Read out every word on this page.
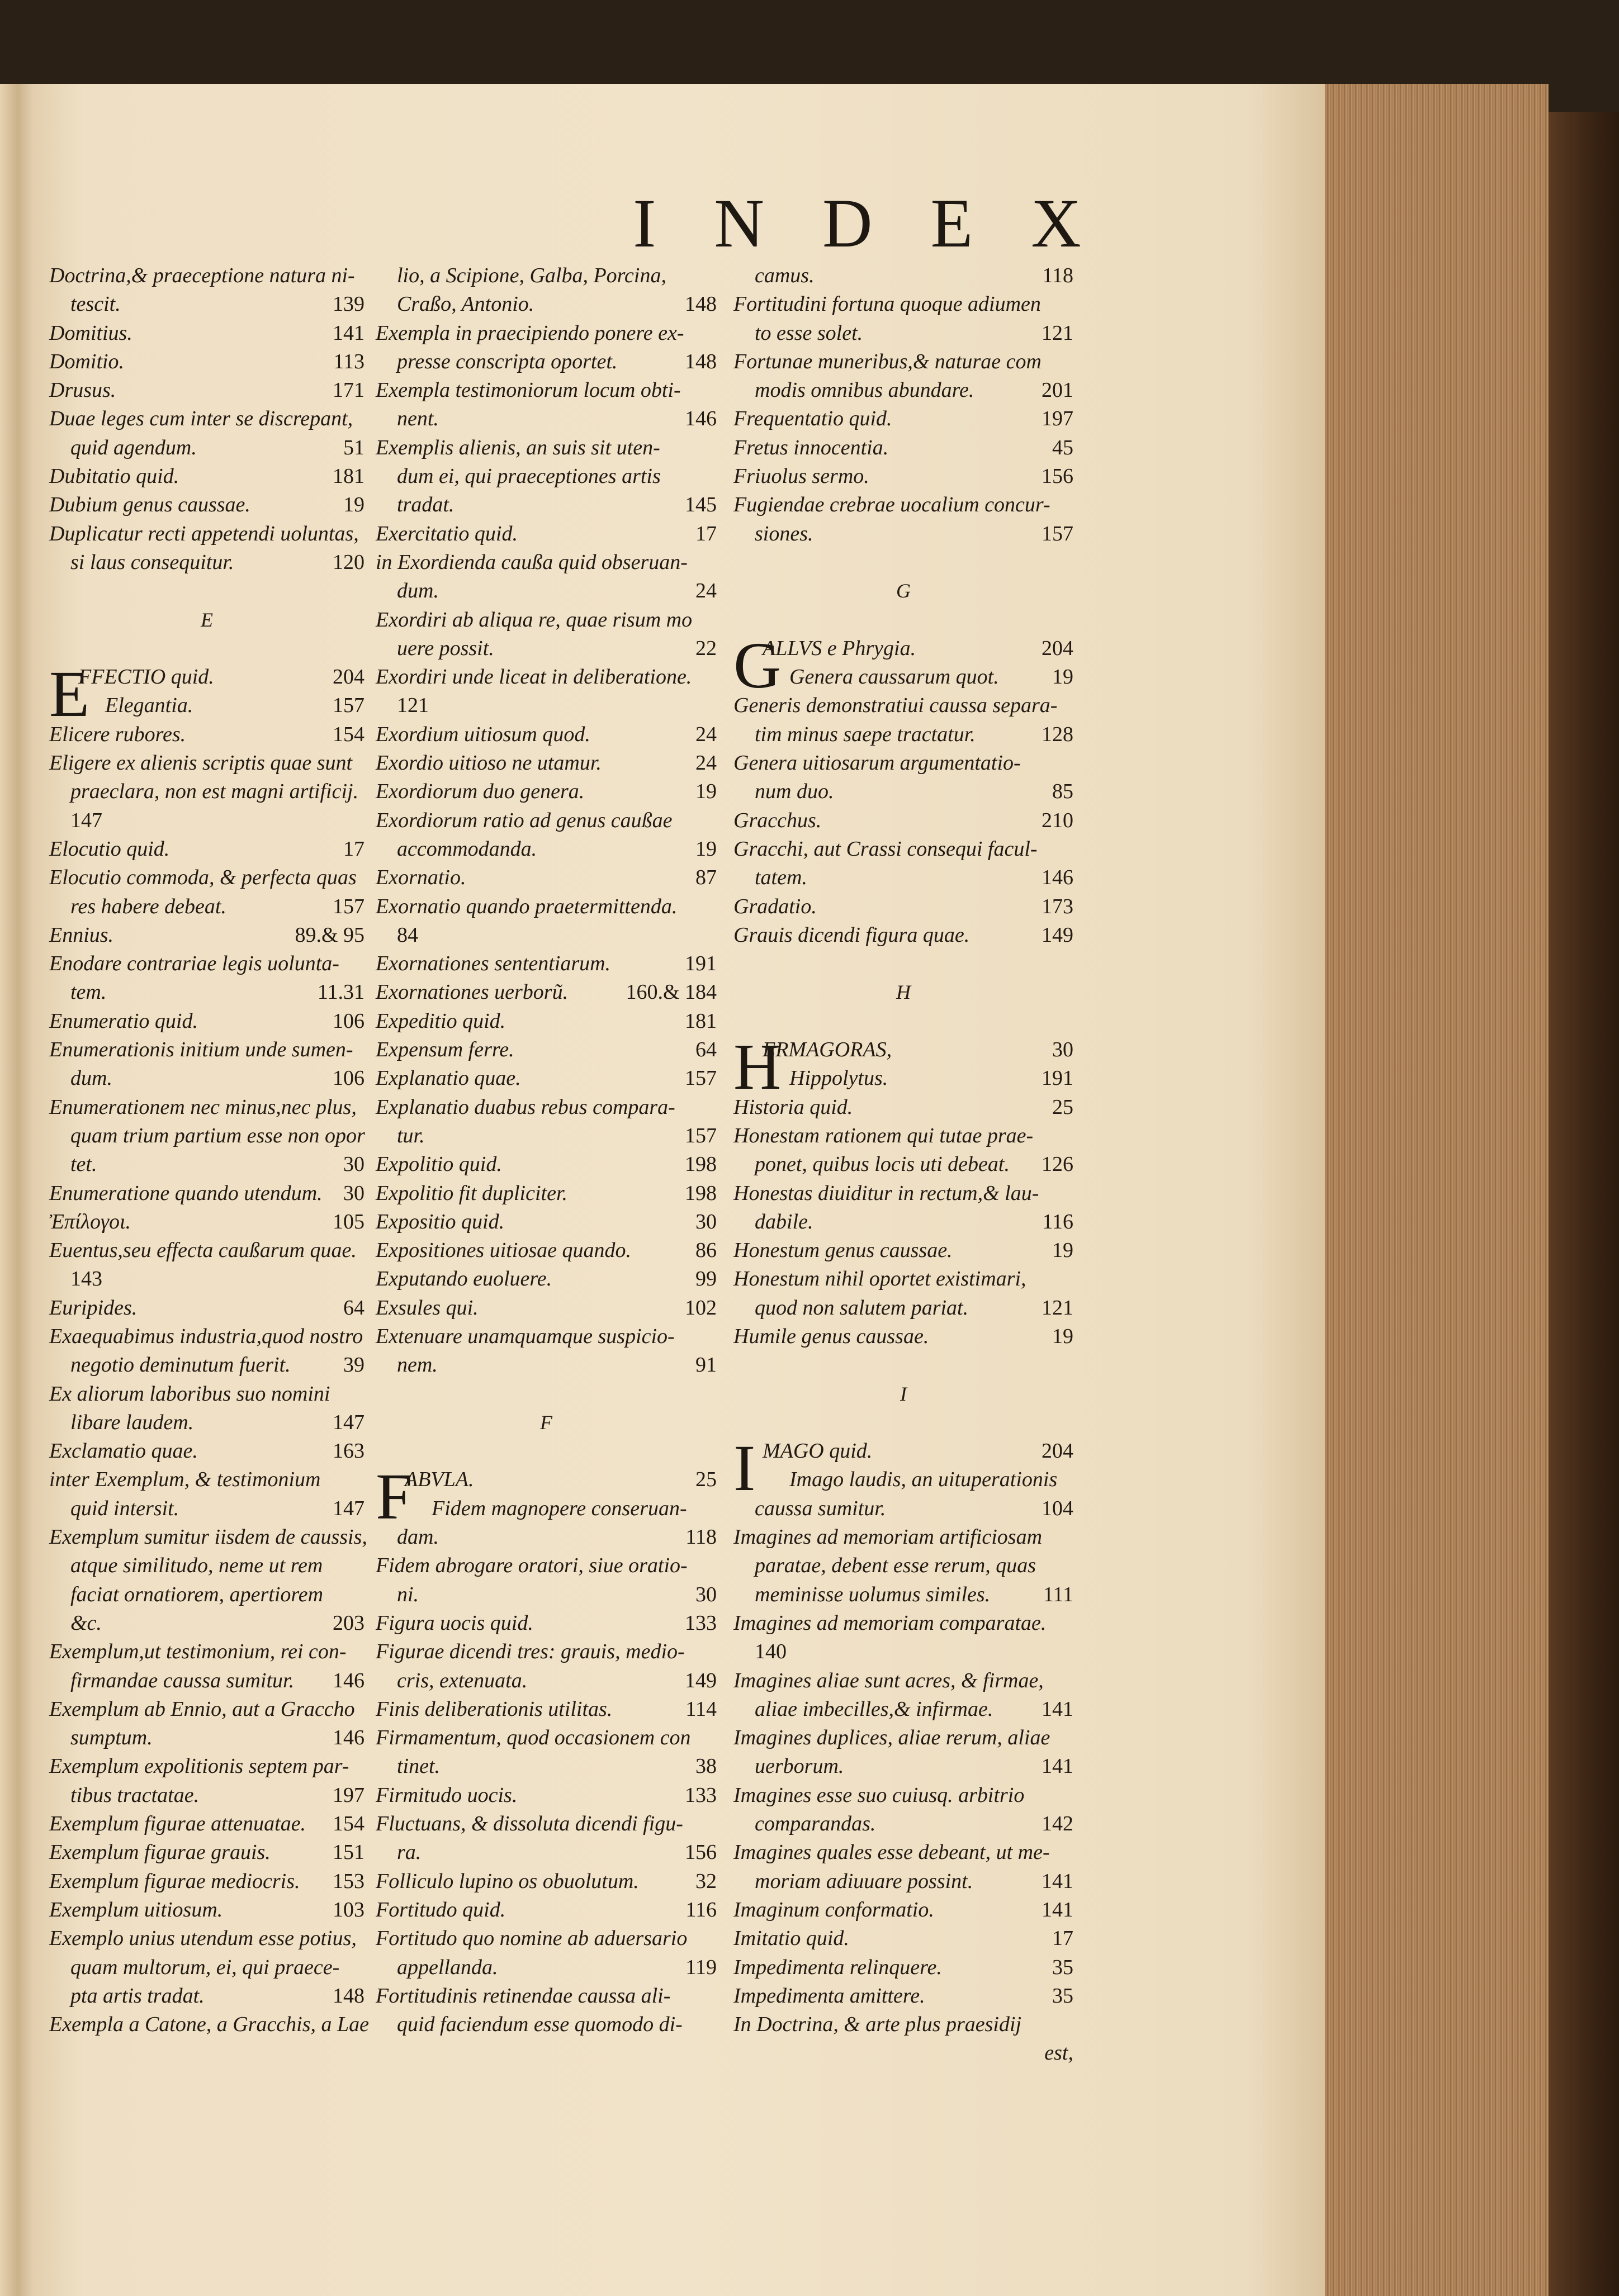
I N D E X
Doctrina,& praeceptione natura ni-
tescit.	139
Domitius.	141
Domitio.	113
Drusus.	171
Duae leges cum inter se discrepant,
quid agendum.	51
Dubitatio quid.	181
Dubium genus caussae.	19
Duplicatur recti appetendi uoluntas,
si laus consequitur.	120
E
E
FFECTIO quid.	204
Elegantia.	157
Elicere rubores.	154
Eligere ex alienis scriptis quae sunt
praeclara, non est magni artificij.
147
Elocutio quid.	17
Elocutio commoda, & perfecta quas
res habere debeat.	157
Ennius.	89.& 95
Enodare contrariae legis uolunta-
tem.	11.31
Enumeratio quid.	106
Enumerationis initium unde sumen-
dum.	106
Enumerationem nec minus,nec plus,
quam trium partium esse non opor
tet.	30
Enumeratione quando utendum. 30
Ἐπίλογοι.	105
Euentus,seu effecta caußarum quae.
143
Euripides.	64
Exaequabimus industria,quod nostro
negotio deminutum fuerit. 39
Ex aliorum laboribus suo nomini
libare laudem.	147
Exclamatio quae.	163
inter Exemplum, & testimonium
quid intersit.	147
Exemplum sumitur iisdem de caussis,
atque similitudo, neme ut rem
faciat ornatiorem, apertiorem
&c.	203
Exemplum,ut testimonium, rei con-
firmandae caussa sumitur. 146
Exemplum ab Ennio, aut a Graccho
sumptum.	146
Exemplum expolitionis septem par-
tibus tractatae.	197
Exemplum figurae attenuatae. 154
Exemplum figurae grauis.	151
Exemplum figurae mediocris. 153
Exemplum uitiosum.	103
Exemplo unius utendum esse potius,
quam multorum, ei, qui praece-
pta artis tradat.	148
Exempla a Catone, a Gracchis, a Lae
lio, a Scipione, Galba, Porcina,
Craßo, Antonio.	148
Exempla in praecipiendo ponere ex-
presse conscripta oportet.	148
Exempla testimoniorum locum obti-
nent.	146
Exemplis alienis, an suis sit uten-
dum ei, qui praeceptiones artis
tradat.	145
Exercitatio quid.	17
in Exordienda caußa quid obseruan-
dum.	24
Exordiri ab aliqua re, quae risum mo
uere possit.	22
Exordiri unde liceat in deliberatione.
121
Exordium uitiosum quod.	24
Exordio uitioso ne utamur.	24
Exordiorum duo genera.	19
Exordiorum ratio ad genus caußae
accommodanda.	19
Exornatio.	87
Exornatio quando praetermittenda.
84
Exornationes sententiarum.	191
Exornationes uerborũ.	160.& 184
Expeditio quid.	181
Expensum ferre.	64
Explanatio quae.	157
Explanatio duabus rebus compara-
tur.	157
Expolitio quid.	198
Expolitio fit dupliciter.	198
Expositio quid.	30
Expositiones uitiosae quando.	86
Exputando euoluere.	99
Exsules qui.	102
Extenuare unamquamque suspicio-
nem.	91
F
F
ABVLA.	25
Fidem magnopere conseruan-
dam.	118
Fidem abrogare oratori, siue oratio-
ni.	30
Figura uocis quid.	133
Figurae dicendi tres: grauis, medio-
cris, extenuata.	149
Finis deliberationis utilitas.	114
Firmamentum, quod occasionem con
tinet.	38
Firmitudo uocis.	133
Fluctuans, & dissoluta dicendi figu-
ra.	156
Folliculo lupino os obuolutum.	32
Fortitudo quid.	116
Fortitudo quo nomine ab aduersario
appellanda.	119
Fortitudinis retinendae caussa ali-
quid faciendum esse quomodo di-
camus.	118
Fortitudini fortuna quoque adiumen
to esse solet.	121
Fortunae muneribus,& naturae com
modis omnibus abundare.	201
Frequentatio quid.	197
Fretus innocentia.	45
Friuolus sermo.	156
Fugiendae crebrae uocalium concur-
siones.	157
G
G
ALLVS e Phrygia.	204
Genera caussarum quot.	19
Generis demonstratiui caussa separa-
tim minus saepe tractatur.	128
Genera uitiosarum argumentatio-
num duo.	85
Gracchus.	210
Gracchi, aut Crassi consequi facul-
tatem.	146
Gradatio.	173
Grauis dicendi figura quae.	149
H
H
ERMAGORAS,	30
Hippolytus.	191
Historia quid.	25
Honestam rationem qui tutae prae-
ponet, quibus locis uti debeat. 126
Honestas diuiditur in rectum,& lau-
dabile.	116
Honestum genus caussae.	19
Honestum nihil oportet existimari,
quod non salutem pariat.	121
Humile genus caussae.	19
I
I MAGO quid.	204
Imago laudis, an uituperationis
caussa sumitur.	104
Imagines ad memoriam artificiosam
paratae, debent esse rerum, quas
meminisse uolumus similes. 111
Imagines ad memoriam comparatae.
140
Imagines aliae sunt acres, & firmae,
aliae imbecilles,& infirmae. 141
Imagines duplices, aliae rerum, aliae
uerborum.	141
Imagines esse suo cuiusq. arbitrio
comparandas.	142
Imagines quales esse debeant, ut me-
moriam adiuuare possint.	141
Imaginum conformatio.	141
Imitatio quid.	17
Impedimenta relinquere.	35
Impedimenta amittere.	35
In Doctrina, & arte plus praesidij
est,
